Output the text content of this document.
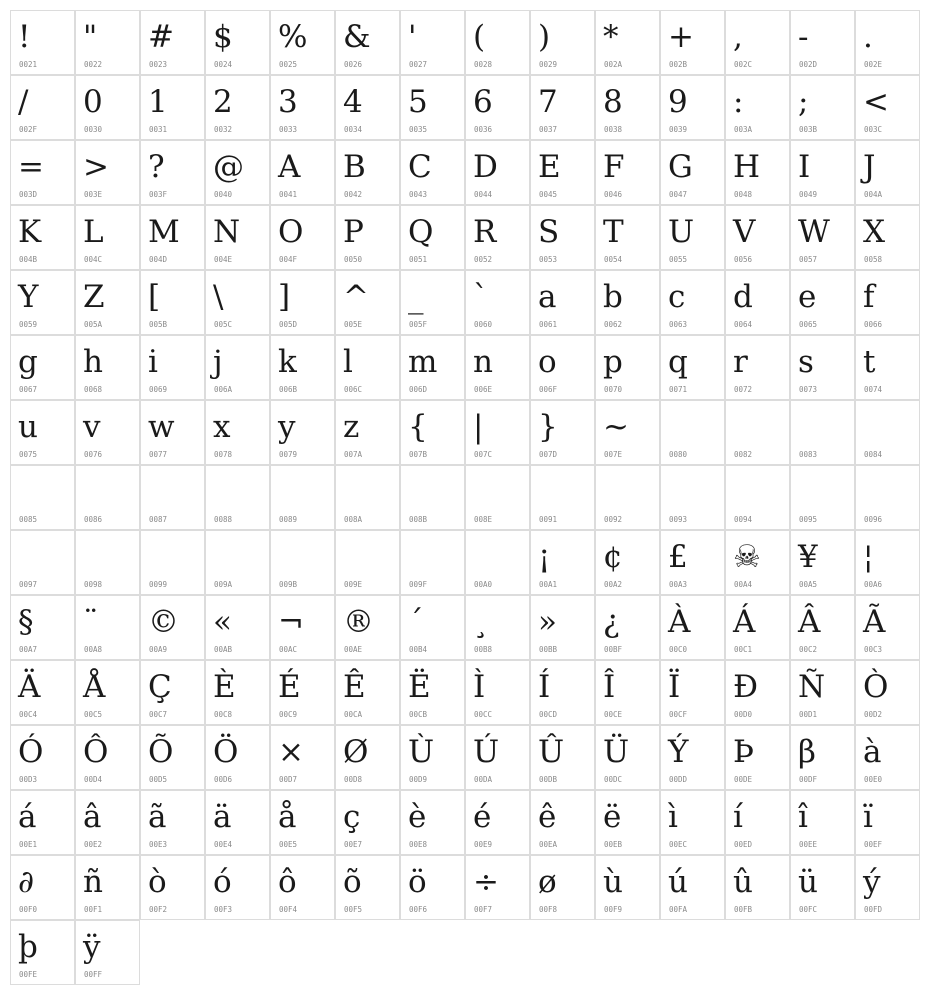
!
0021
"
0022
#
0023
$
0024
%
0025
&
0026
'
0027
(
0028
)
0029
*
002A
+
002B
,
002C
-
002D
.
002E
/
002F
0
0030
1
0031
2
0032
3
0033
4
0034
5
0035
6
0036
7
0037
8
0038
9
0039
:
003A
;
003B
<
003C
=
003D
>
003E
?
003F
@
0040
A
0041
B
0042
C
0043
D
0044
E
0045
F
0046
G
0047
H
0048
I
0049
J
004A
K
004B
L
004C
M
004D
N
004E
O
004F
P
0050
Q
0051
R
0052
S
0053
T
0054
U
0055
V
0056
W
0057
X
0058
Y
0059
Z
005A
[
005B
\
005C
]
005D
^
005E
_
005F
`
0060
a
0061
b
0062
c
0063
d
0064
e
0065
f
0066
g
0067
h
0068
i
0069
j
006A
k
006B
l
006C
m
006D
n
006E
o
006F
p
0070
q
0071
r
0072
s
0073
t
0074
u
0075
v
0076
w
0077
x
0078
y
0079
z
007A
{
007B
|
007C
}
007D
~
007E	0080	0082	0083	0084
0085	0086	0087	0088	0089	008A	008B	008E	0091	0092	0093	0094	0095	0096
0097	0098	0099	009A	009B	009E	009F	00A0
¡
00A1
¢
00A2
£
00A3
☠
00A4
¥
00A5
¦
00A6
§
00A7
¨
00A8
©
00A9
«
00AB
¬
00AC
®
00AE
´
00B4
¸
00B8
»
00BB
¿
00BF
À
00C0
Á
00C1
Â
00C2
Ã
00C3
Ä
00C4
Å
00C5
Ç
00C7
È
00C8
É
00C9
Ê
00CA
Ë
00CB
Ì
00CC
Í
00CD
Î
00CE
Ï
00CF
Đ
00D0
Ñ
00D1
Ò
00D2
Ó
00D3
Ô
00D4
Õ
00D5
Ö
00D6
×
00D7
Ø
00D8
Ù
00D9
Ú
00DA
Û
00DB
Ü
00DC
Ý
00DD
Þ
00DE
β
00DF
à
00E0
á
00E1
â
00E2
ã
00E3
ä
00E4
å
00E5
ç
00E7
è
00E8
é
00E9
ê
00EA
ë
00EB
ì
00EC
í
00ED
î
00EE
ï
00EF
∂
00F0
ñ
00F1
ò
00F2
ó
00F3
ô
00F4
õ
00F5
ö
00F6
÷
00F7
ø
00F8
ù
00F9
ú
00FA
û
00FB
ü
00FC
ý
00FD
þ
00FE
ÿ
00FF
